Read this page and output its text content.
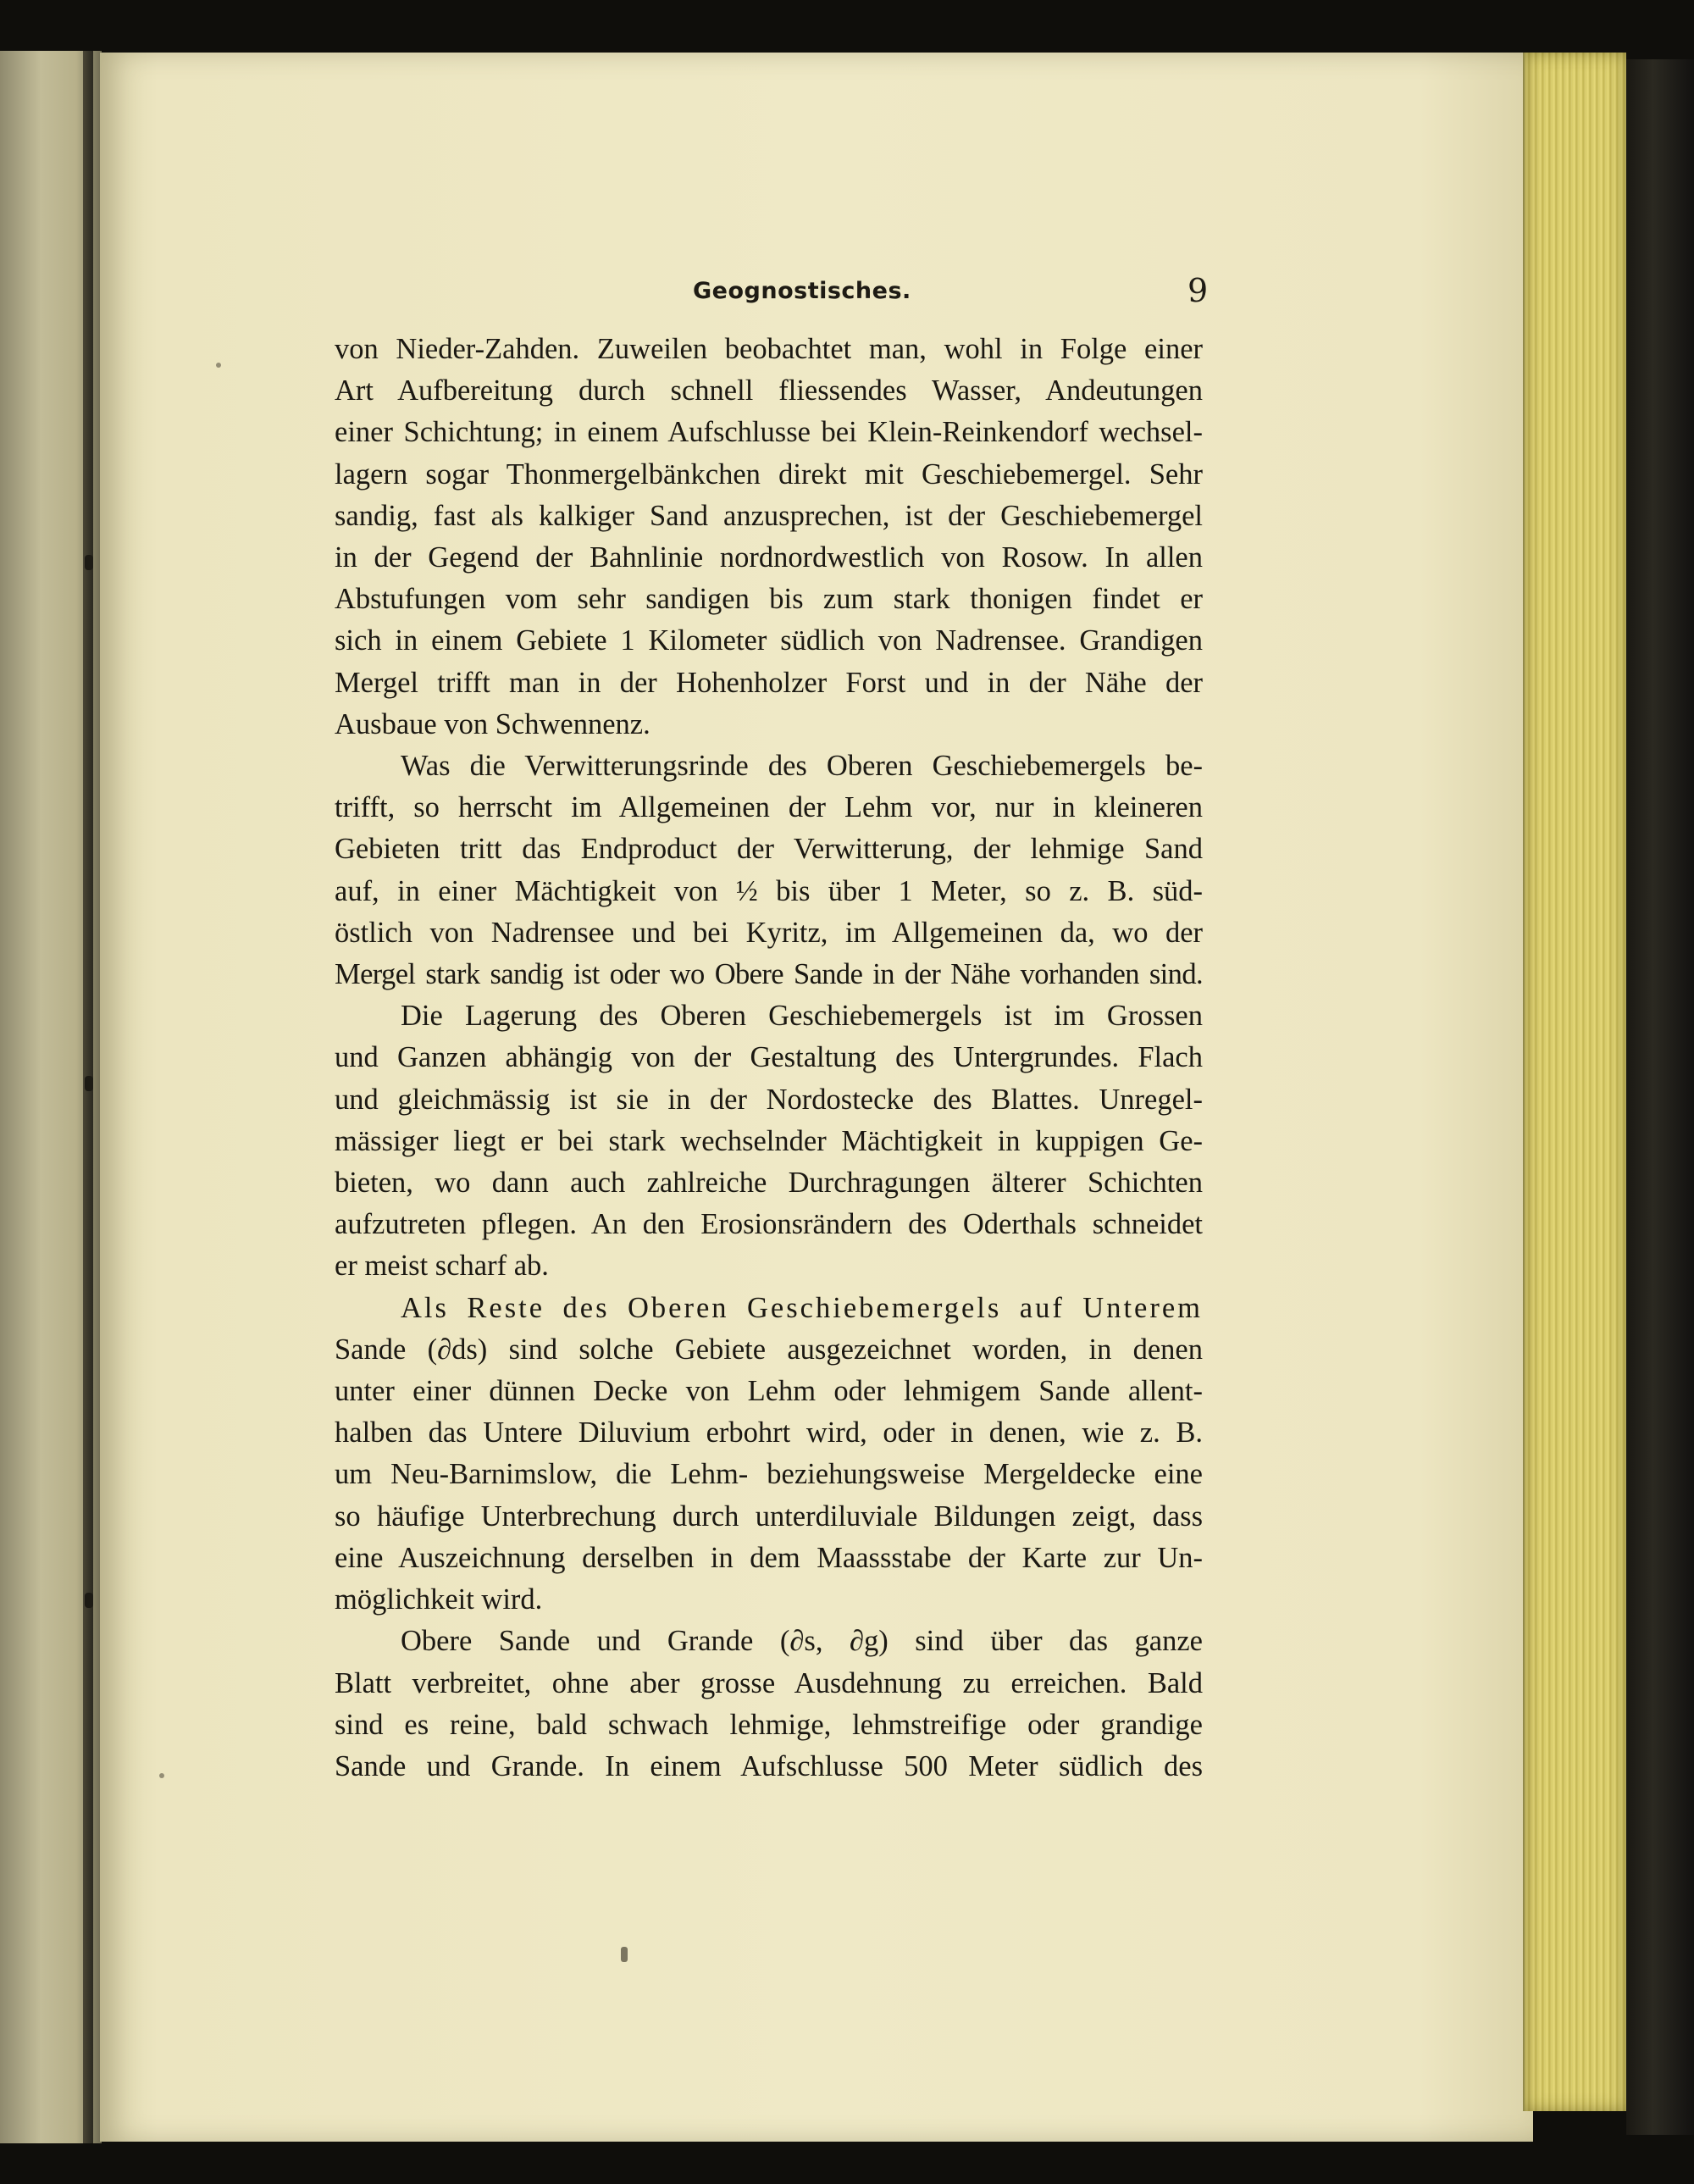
Geognostisches.	9

von Nieder-Zahden. Zuweilen beobachtet man, wohl in Folge einer

Art Aufbereitung durch schnell fliessendes Wasser, Andeutungen

einer Schichtung; in einem Aufschlusse bei Klein-Reinkendorf wechsel-

lagern sogar Thonmergelbänkchen direkt mit Geschiebemergel. Sehr

sandig, fast als kalkiger Sand anzusprechen, ist der Geschiebemergel

in der Gegend der Bahnlinie nordnordwestlich von Rosow. In allen

Abstufungen vom sehr sandigen bis zum stark thonigen findet er

sich in einem Gebiete 1 Kilometer südlich von Nadrensee. Grandigen

Mergel trifft man in der Hohenholzer Forst und in der Nähe der

Ausbaue von Schwennenz.

Was die Verwitterungsrinde des Oberen Geschiebemergels be-

trifft, so herrscht im Allgemeinen der Lehm vor, nur in kleineren

Gebieten tritt das Endproduct der Verwitterung, der lehmige Sand

auf, in einer Mächtigkeit von ½ bis über 1 Meter, so z. B. süd-

östlich von Nadrensee und bei Kyritz, im Allgemeinen da, wo der

Mergel stark sandig ist oder wo Obere Sande in der Nähe vorhanden sind.

Die Lagerung des Oberen Geschiebemergels ist im Grossen

und Ganzen abhängig von der Gestaltung des Untergrundes. Flach

und gleichmässig ist sie in der Nordostecke des Blattes. Unregel-

mässiger liegt er bei stark wechselnder Mächtigkeit in kuppigen Ge-

bieten, wo dann auch zahlreiche Durchragungen älterer Schichten

aufzutreten pflegen. An den Erosionsrändern des Oderthals schneidet

er meist scharf ab.

Als Reste des Oberen Geschiebemergels auf Unterem

Sande (∂ds) sind solche Gebiete ausgezeichnet worden, in denen

unter einer dünnen Decke von Lehm oder lehmigem Sande allent-

halben das Untere Diluvium erbohrt wird, oder in denen, wie z. B.

um Neu-Barnimslow, die Lehm- beziehungsweise Mergeldecke eine

so häufige Unterbrechung durch unterdiluviale Bildungen zeigt, dass

eine Auszeichnung derselben in dem Maassstabe der Karte zur Un-

möglichkeit wird.

Obere Sande und Grande (∂s, ∂g) sind über das ganze

Blatt verbreitet, ohne aber grosse Ausdehnung zu erreichen. Bald

sind es reine, bald schwach lehmige, lehmstreifige oder grandige

Sande und Grande. In einem Aufschlusse 500 Meter südlich des
